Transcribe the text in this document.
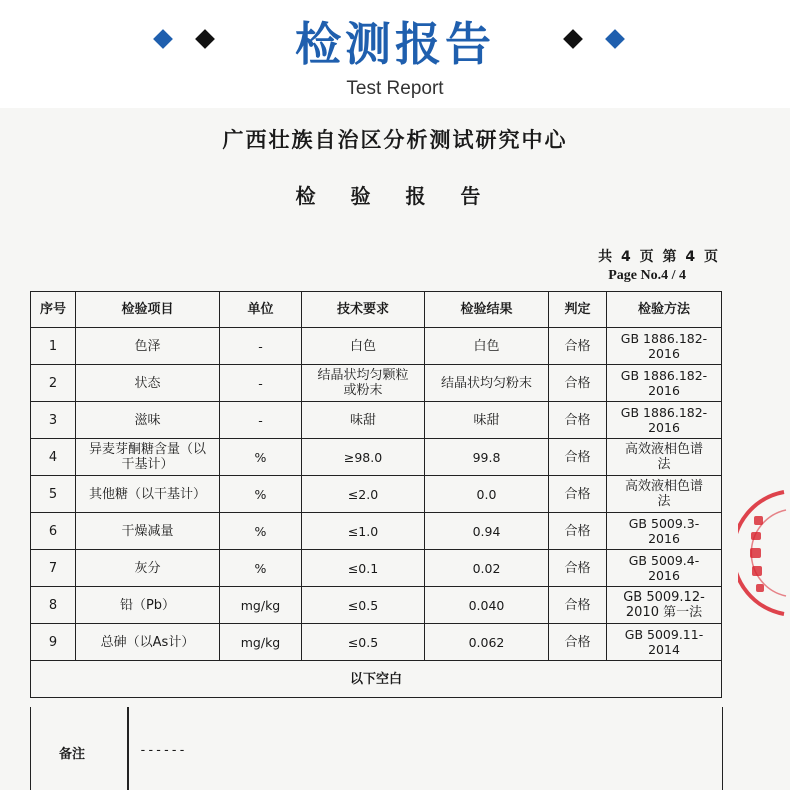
检测报告
Test Report
广西壮族自治区分析测试研究中心
检 验 报 告
共 4 页 第 4 页
Page No.4 / 4
序号	检验项目	单位	技术要求	检验结果	判定	检验方法
1	色泽	-	白色	白色	合格	GB 1886.182-
2016
2	状态	-	结晶状均匀颗粒
或粉末	结晶状均匀粉末	合格	GB 1886.182-
2016
3	滋味	-	味甜	味甜	合格	GB 1886.182-
2016
4	异麦芽酮糖含量（以
干基计）	%	≥98.0	99.8	合格	高效液相色谱
法
5	其他糖（以干基计）	%	≤2.0	0.0	合格	高效液相色谱
法
6	干燥减量	%	≤1.0	0.94	合格	GB 5009.3-
2016
7	灰分	%	≤0.1	0.02	合格	GB 5009.4-
2016
8	铅（Pb）	mg/kg	≤0.5	0.040	合格	GB 5009.12-
2010 第一法
9	总砷（以As计）	mg/kg	≤0.5	0.062	合格	GB 5009.11-
2014
以下空白						
备注	------
